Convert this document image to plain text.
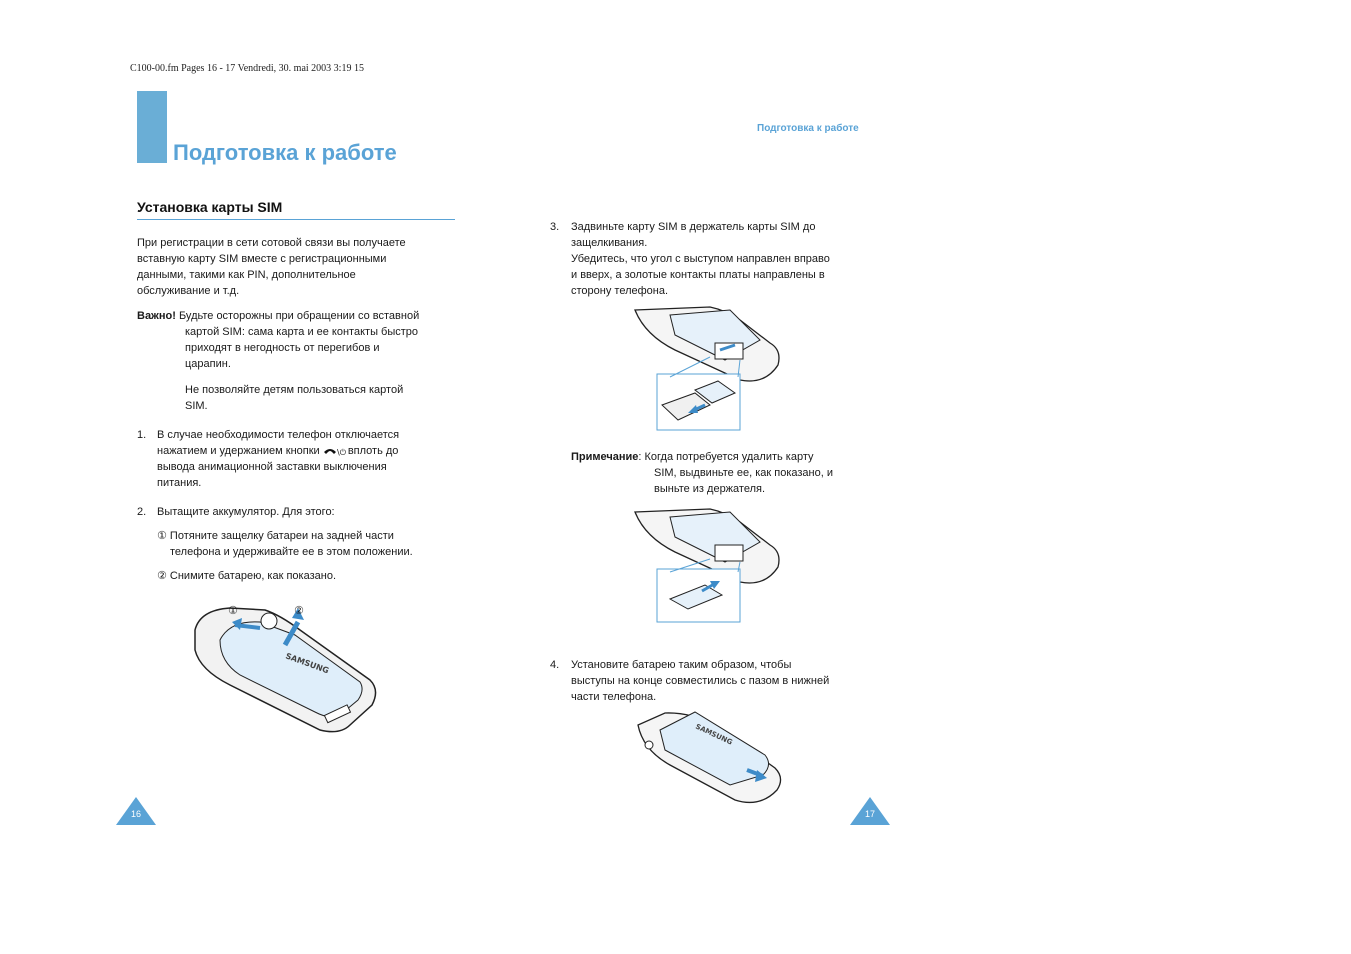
C100-00.fm Pages 16 - 17 Vendredi, 30. mai 2003 3:19 15
Подготовка к работе
Подготовка к работе
Установка карты SIM
При регистрации в сети сотовой связи вы получаете
вставную карту SIM вместе с регистрационными
данными, такими как PIN, дополнительное
обслуживание и т.д.
Важно! Будьте осторожны при обращении со вставной
картой SIM: сама карта и ее контакты быстро
приходят в негодность от перегибов и
царапин.
Не позволяйте детям пользоваться картой
SIM.
1. В случае необходимости телефон отключается
нажатием и удержанием кнопки \⏻ вплоть до
вывода анимационной заставки выключения
питания.
2. Вытащите аккумулятор. Для этого:
① Потяните защелку батареи на задней части
телефона и удерживайте ее в этом положении.
② Снимите батарею, как показано.
SAMSUNG
①	②
16
3.	Задвиньте карту SIM в держатель карты SIM до
защелкивания.
Убедитесь, что угол с выступом направлен вправо
и вверх, а золотые контакты платы направлены в
сторону телефона.
Примечание: Когда потребуется удалить карту
SIM, выдвиньте ее, как показано, и
выньте из держателя.
4.	Установите батарею таким образом, чтобы
выступы на конце совместились с пазом в нижней
части телефона.
SAMSUNG
17
